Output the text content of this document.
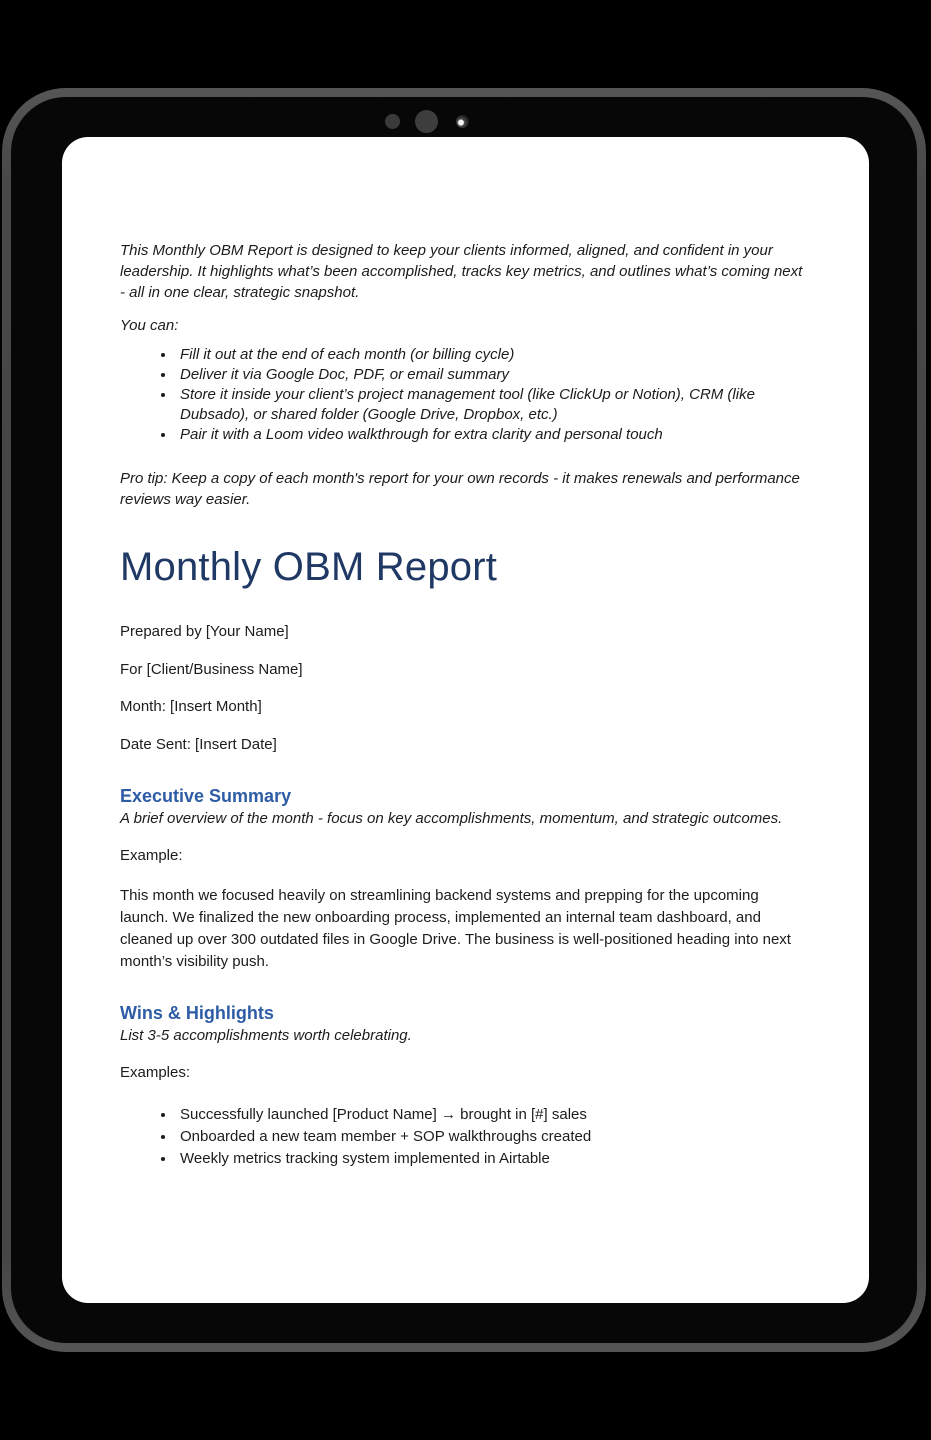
This Monthly OBM Report is designed to keep your clients informed, aligned, and confident in your leadership. It highlights what’s been accomplished, tracks key metrics, and outlines what’s coming next - all in one clear, strategic snapshot.

You can:

• Fill it out at the end of each month (or billing cycle)
• Deliver it via Google Doc, PDF, or email summary
• Store it inside your client’s project management tool (like ClickUp or Notion), CRM (like Dubsado), or shared folder (Google Drive, Dropbox, etc.)
• Pair it with a Loom video walkthrough for extra clarity and personal touch

Pro tip: Keep a copy of each month's report for your own records - it makes renewals and performance reviews way easier.

Monthly OBM Report

Prepared by [Your Name]

For [Client/Business Name]

Month: [Insert Month]

Date Sent: [Insert Date]

Executive Summary

A brief overview of the month - focus on key accomplishments, momentum, and strategic outcomes.

Example:

This month we focused heavily on streamlining backend systems and prepping for the upcoming launch. We finalized the new onboarding process, implemented an internal team dashboard, and cleaned up over 300 outdated files in Google Drive. The business is well-positioned heading into next month’s visibility push.

Wins & Highlights

List 3-5 accomplishments worth celebrating.

Examples:

• Successfully launched [Product Name] → brought in [#] sales
• Onboarded a new team member + SOP walkthroughs created
• Weekly metrics tracking system implemented in Airtable
